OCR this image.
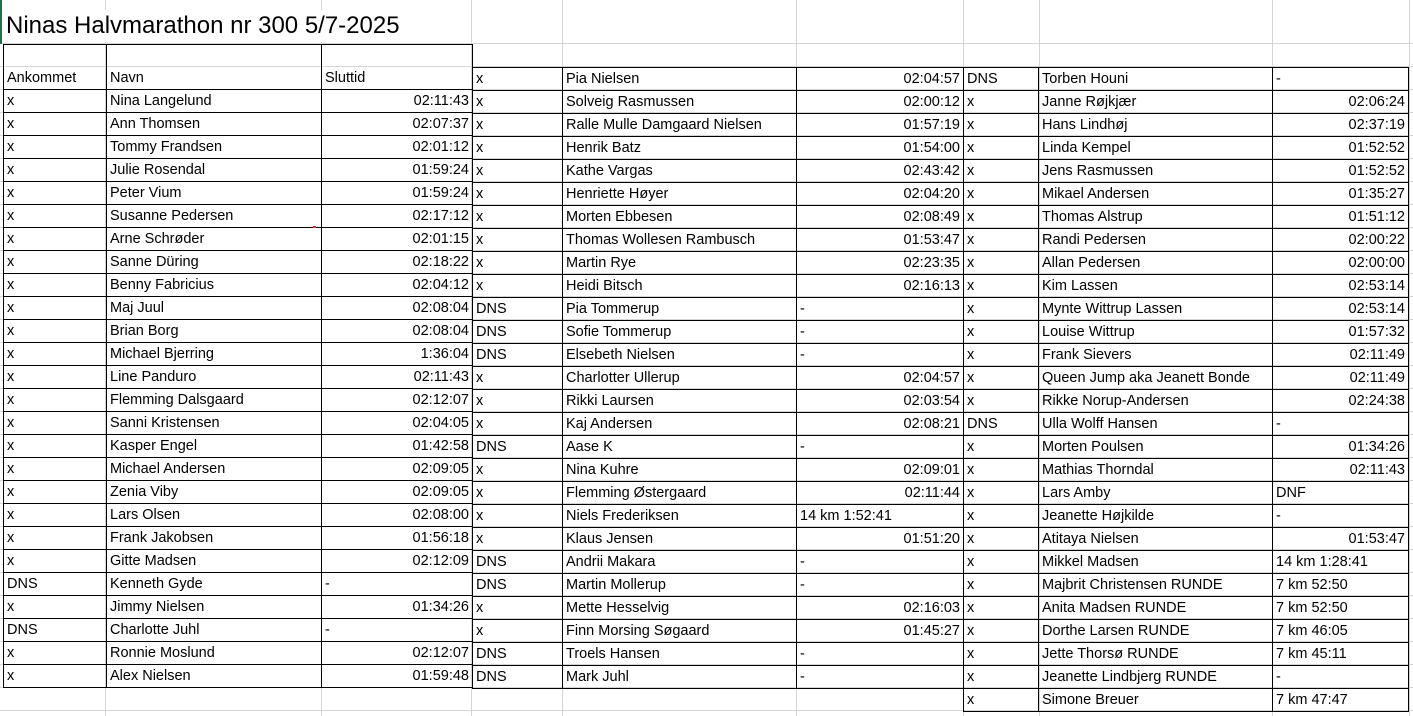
Ninas Halvmarathon nr 300 5/7-2025
Ankommet	Navn	Sluttid
x	Nina Langelund	02:11:43
x	Ann Thomsen	02:07:37
x	Tommy Frandsen	02:01:12
x	Julie Rosendal	01:59:24
x	Peter Vium	01:59:24
x	Susanne Pedersen	02:17:12
x	Arne Schrøder	02:01:15
x	Sanne Düring	02:18:22
x	Benny Fabricius	02:04:12
x	Maj Juul	02:08:04
x	Brian Borg	02:08:04
x	Michael Bjerring	1:36:04
x	Line Panduro	02:11:43
x	Flemming Dalsgaard	02:12:07
x	Sanni Kristensen	02:04:05
x	Kasper Engel	01:42:58
x	Michael Andersen	02:09:05
x	Zenia Viby	02:09:05
x	Lars Olsen	02:08:00
x	Frank Jakobsen	01:56:18
x	Gitte Madsen	02:12:09
DNS	Kenneth Gyde	-
x	Jimmy Nielsen	01:34:26
DNS	Charlotte Juhl	-
x	Ronnie Moslund	02:12:07
x	Alex Nielsen	01:59:48
x	Pia Nielsen	02:04:57
x	Solveig Rasmussen	02:00:12
x	Ralle Mulle Damgaard Nielsen	01:57:19
x	Henrik Batz	01:54:00
x	Kathe Vargas	02:43:42
x	Henriette Høyer	02:04:20
x	Morten Ebbesen	02:08:49
x	Thomas Wollesen Rambusch	01:53:47
x	Martin Rye	02:23:35
x	Heidi Bitsch	02:16:13
DNS	Pia Tommerup	-
DNS	Sofie Tommerup	-
DNS	Elsebeth Nielsen	-
x	Charlotter Ullerup	02:04:57
x	Rikki Laursen	02:03:54
x	Kaj Andersen	02:08:21
DNS	Aase K	-
x	Nina Kuhre	02:09:01
x	Flemming Østergaard	02:11:44
x	Niels Frederiksen	14 km 1:52:41
x	Klaus Jensen	01:51:20
DNS	Andrii Makara	-
DNS	Martin Mollerup	-
x	Mette Hesselvig	02:16:03
x	Finn Morsing Søgaard	01:45:27
DNS	Troels Hansen	-
DNS	Mark Juhl	-
DNS	Torben Houni	-
x	Janne Røjkjær	02:06:24
x	Hans Lindhøj	02:37:19
x	Linda Kempel	01:52:52
x	Jens Rasmussen	01:52:52
x	Mikael Andersen	01:35:27
x	Thomas Alstrup	01:51:12
x	Randi Pedersen	02:00:22
x	Allan Pedersen	02:00:00
x	Kim Lassen	02:53:14
x	Mynte Wittrup Lassen	02:53:14
x	Louise Wittrup	01:57:32
x	Frank Sievers	02:11:49
x	Queen Jump aka Jeanett Bonde	02:11:49
x	Rikke Norup-Andersen	02:24:38
DNS	Ulla Wolff Hansen	-
x	Morten Poulsen	01:34:26
x	Mathias Thorndal	02:11:43
x	Lars Amby	DNF
x	Jeanette Højkilde	-
x	Atitaya Nielsen	01:53:47
x	Mikkel Madsen	14 km 1:28:41
x	Majbrit Christensen RUNDE	7 km 52:50
x	Anita Madsen RUNDE	7 km 52:50
x	Dorthe Larsen RUNDE	7 km 46:05
x	Jette Thorsø RUNDE	7 km 45:11
x	Jeanette Lindbjerg RUNDE	-
x	Simone Breuer	7 km 47:47
